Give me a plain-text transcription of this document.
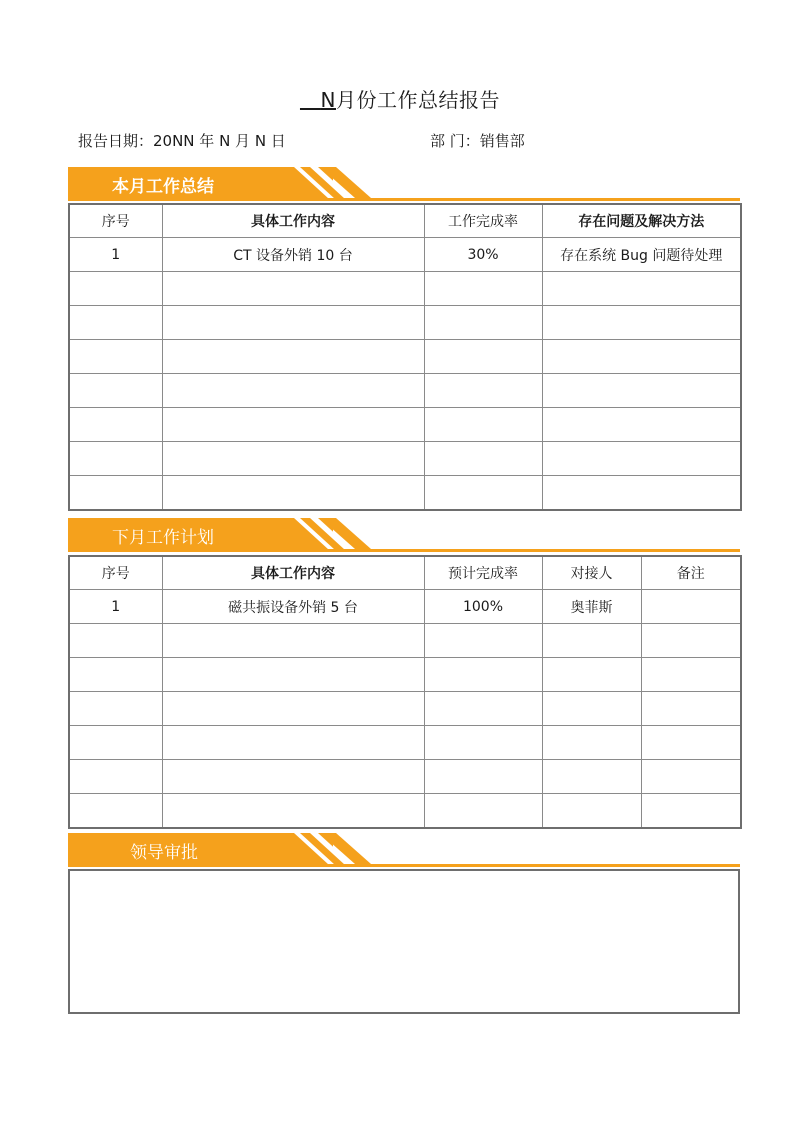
N月份工作总结报告
报告日期：20NN 年 N 月 N 日	部 门：销售部
本月工作总结
序号	具体工作内容	工作完成率	存在问题及解决方法
1	CT 设备外销 10 台	30%	存在系统 Bug 问题待处理

下月工作计划
序号	具体工作内容	预计完成率	对接人	备注
1	磁共振设备外销 5 台	100%	奥菲斯	

领导审批
